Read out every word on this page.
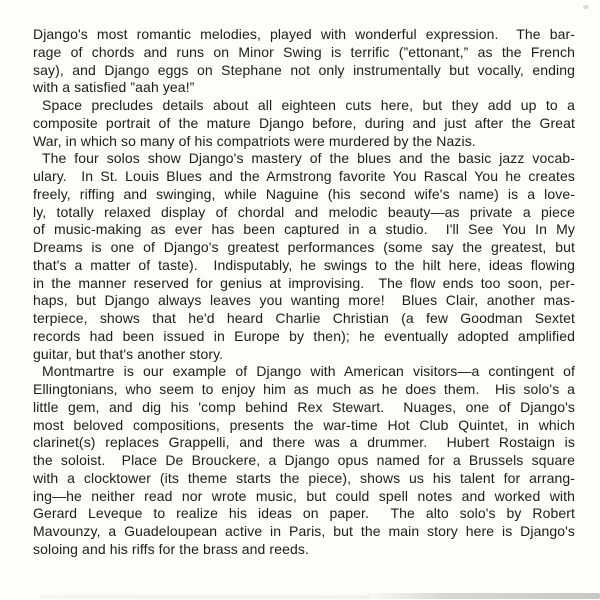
Django's most romantic melodies, played with wonderful expression.  The bar-
rage of chords and runs on Minor Swing is terrific (”ettonant,” as the French
say), and Django eggs on Stephane not only instrumentally but vocally, ending
with a satisfied ”aah yea!”
Space precludes details about all eighteen cuts here, but they add up to a
composite portrait of the mature Django before, during and just after the Great
War, in which so many of his compatriots were murdered by the Nazis.
The four solos show Django's mastery of the blues and the basic jazz vocab-
ulary.  In St. Louis Blues and the Armstrong favorite You Rascal You he creates
freely, riffing and swinging, while Naguine (his second wife's name) is a love-
ly, totally relaxed display of chordal and melodic beauty—as private a piece
of music-making as ever has been captured in a studio.  I'll See You In My
Dreams is one of Django's greatest performances (some say the greatest, but
that's a matter of taste).  Indisputably, he swings to the hilt here, ideas flowing
in the manner reserved for genius at improvising.  The flow ends too soon, per-
haps, but Django always leaves you wanting more!  Blues Clair, another mas-
terpiece, shows that he'd heard Charlie Christian (a few Goodman Sextet
records had been issued in Europe by then); he eventually adopted amplified
guitar, but that's another story.
Montmartre is our example of Django with American visitors—a contingent of
Ellingtonians, who seem to enjoy him as much as he does them.  His solo's a
little gem, and dig his 'comp behind Rex Stewart.  Nuages, one of Django's
most beloved compositions, presents the war-time Hot Club Quintet, in which
clarinet(s) replaces Grappelli, and there was a drummer.  Hubert Rostaign is
the soloist.  Place De Brouckere, a Django opus named for a Brussels square
with a clocktower (its theme starts the piece), shows us his talent for arrang-
ing—he neither read nor wrote music, but could spell notes and worked with
Gerard Leveque to realize his ideas on paper.  The alto solo's by Robert
Mavounzy, a Guadeloupean active in Paris, but the main story here is Django's
soloing and his riffs for the brass and reeds.
